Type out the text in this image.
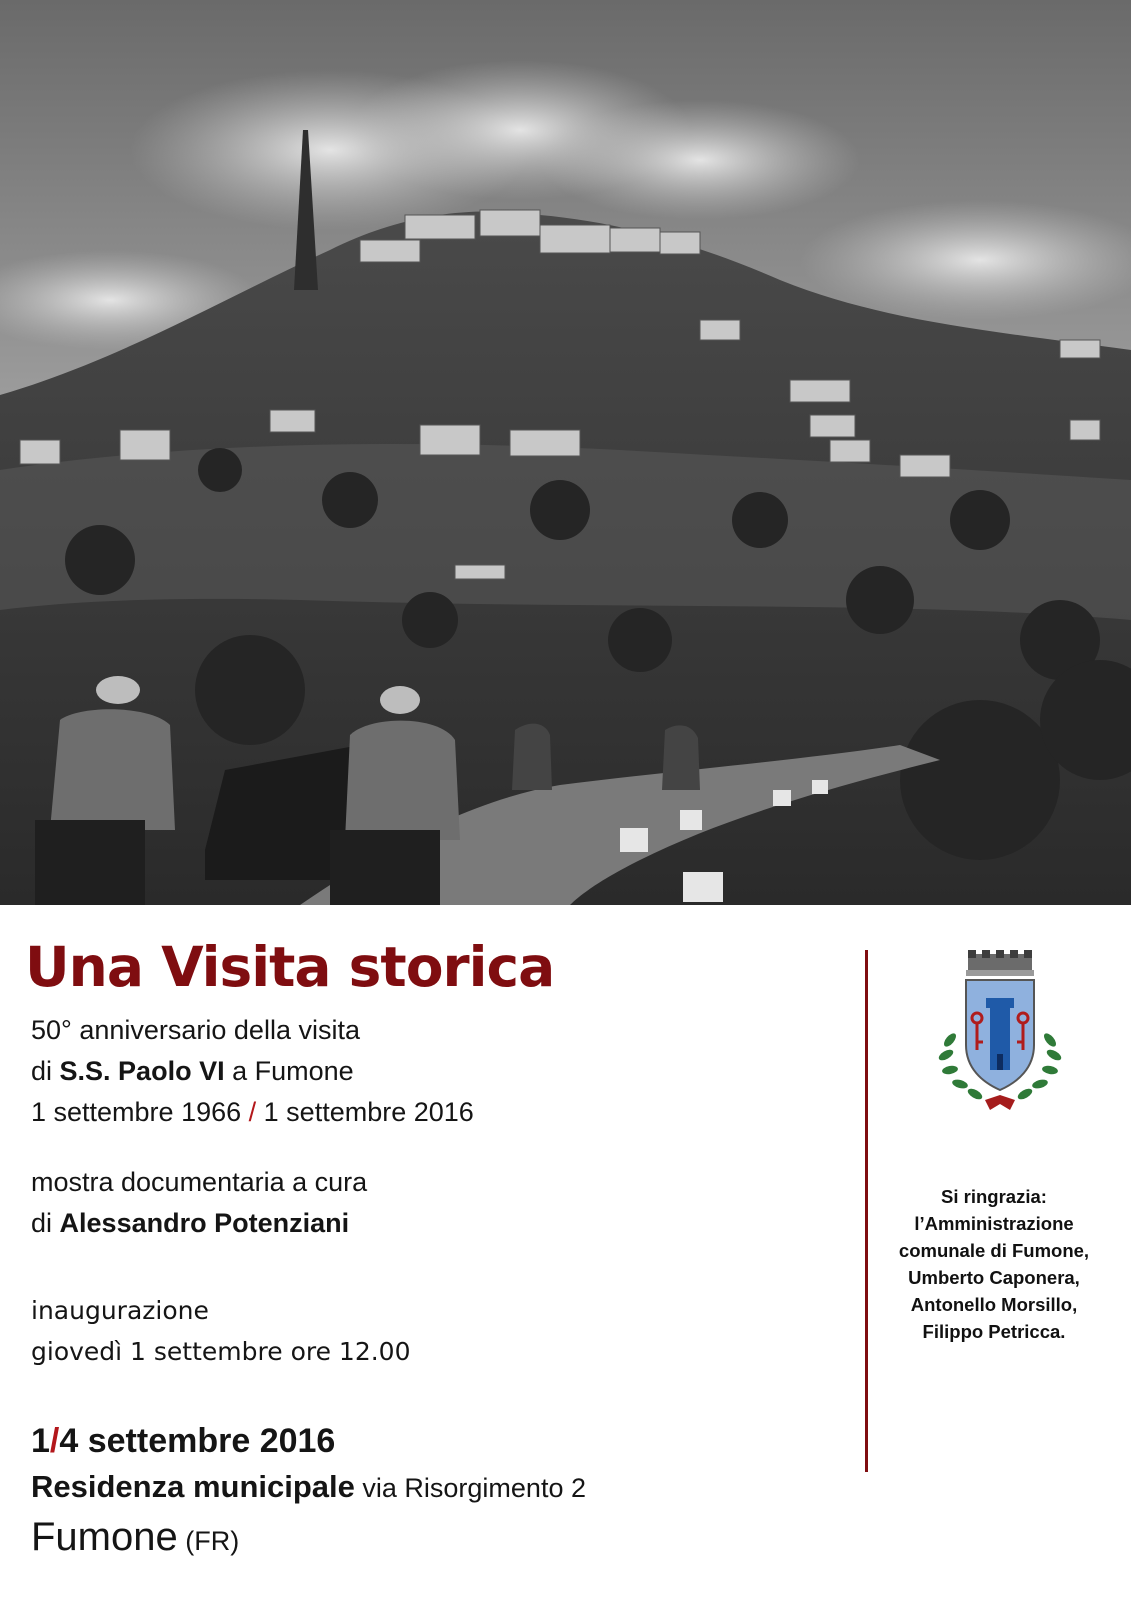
Una Visita storica
50° anniversario della visita
di S.S. Paolo VI a Fumone
1 settembre 1966 / 1 settembre 2016
mostra documentaria a cura
di Alessandro Potenziani
inaugurazione
giovedì 1 settembre ore 12.00
1/4 settembre 2016
Residenza municipale via Risorgimento 2
Fumone (FR)
Si ringrazia:
l’Amministrazione
comunale di Fumone,
Umberto Caponera,
Antonello Morsillo,
Filippo Petricca.
